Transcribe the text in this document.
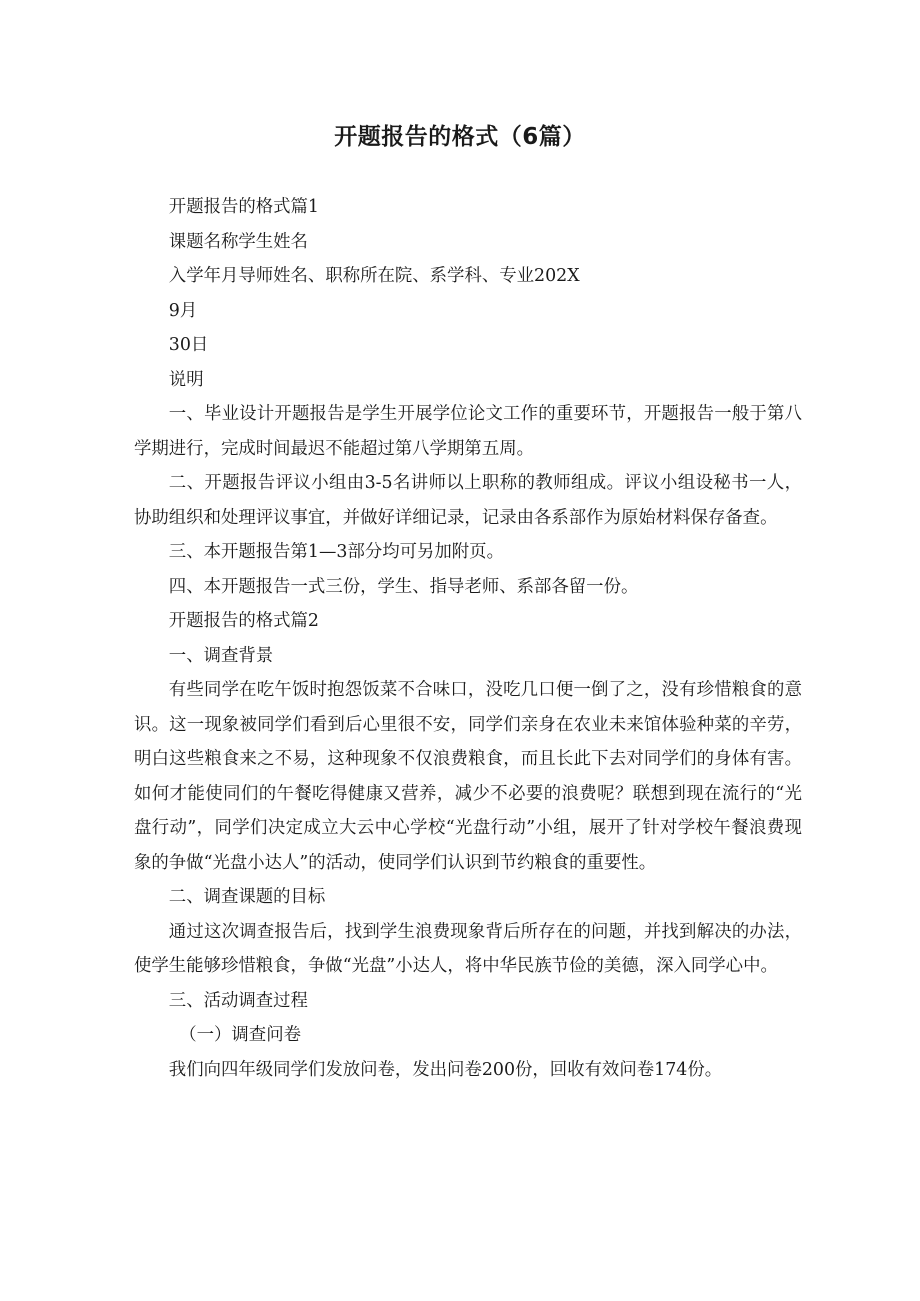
开题报告的格式（6篇）

开题报告的格式篇1

课题名称学生姓名

入学年月导师姓名、职称所在院、系学科、专业202X

9月

30日

说明

一、毕业设计开题报告是学生开展学位论文工作的重要环节，开题报告一般于第八学期进行，完成时间最迟不能超过第八学期第五周。

二、开题报告评议小组由3-5名讲师以上职称的教师组成。评议小组设秘书一人，协助组织和处理评议事宜，并做好详细记录，记录由各系部作为原始材料保存备查。

三、本开题报告第1—3部分均可另加附页。

四、本开题报告一式三份，学生、指导老师、系部各留一份。

开题报告的格式篇2

一、调查背景

有些同学在吃午饭时抱怨饭菜不合味口，没吃几口便一倒了之，没有珍惜粮食的意识。这一现象被同学们看到后心里很不安，同学们亲身在农业未来馆体验种菜的辛劳，明白这些粮食来之不易，这种现象不仅浪费粮食，而且长此下去对同学们的身体有害。如何才能使同们的午餐吃得健康又营养，减少不必要的浪费呢？联想到现在流行的“光盘行动”，同学们决定成立大云中心学校“光盘行动”小组，展开了针对学校午餐浪费现象的争做“光盘小达人”的活动，使同学们认识到节约粮食的重要性。

二、调查课题的目标

通过这次调查报告后，找到学生浪费现象背后所存在的问题，并找到解决的办法，使学生能够珍惜粮食，争做“光盘”小达人，将中华民族节俭的美德，深入同学心中。

三、活动调查过程

（一）调查问卷

我们向四年级同学们发放问卷，发出问卷200份，回收有效问卷174份。
